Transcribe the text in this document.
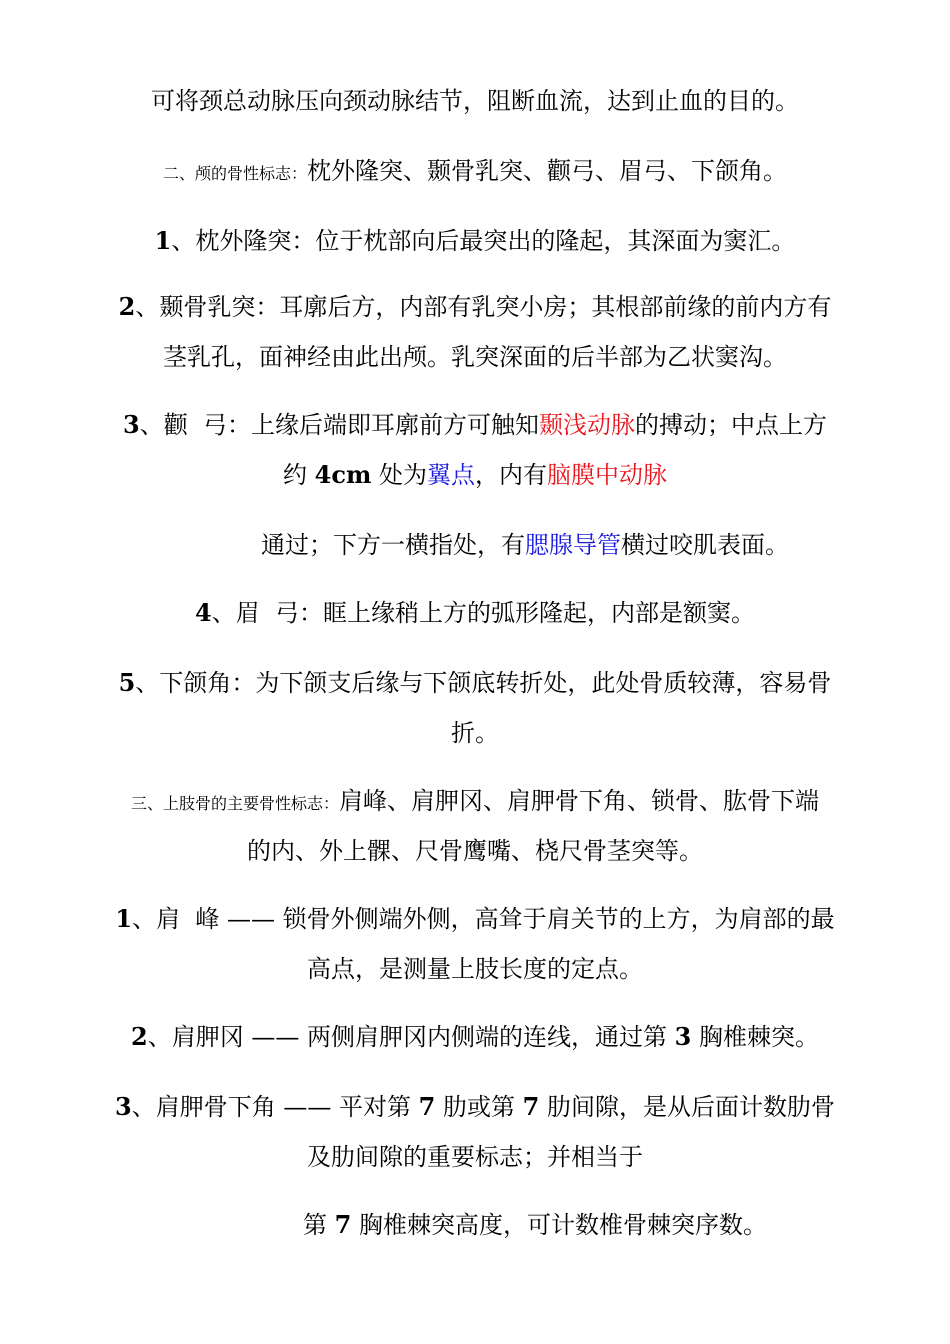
可将颈总动脉压向颈动脉结节，阻断血流，达到止血的目的。
二、颅的骨性标志：枕外隆突、颞骨乳突、颧弓、眉弓、下颌角。
1、枕外隆突：位于枕部向后最突出的隆起，其深面为窦汇。
2、颞骨乳突：耳廓后方，内部有乳突小房；其根部前缘的前内方有
茎乳孔，面神经由此出颅。乳突深面的后半部为乙状窦沟。
3、颧  弓：上缘后端即耳廓前方可触知颞浅动脉的搏动；中点上方
约 4cm 处为翼点，内有脑膜中动脉
通过；下方一横指处，有腮腺导管横过咬肌表面。
4、眉  弓：眶上缘稍上方的弧形隆起，内部是额窦。
5、下颌角：为下颌支后缘与下颌底转折处，此处骨质较薄，容易骨
折。
三、上肢骨的主要骨性标志：肩峰、肩胛冈、肩胛骨下角、锁骨、肱骨下端
的内、外上髁、尺骨鹰嘴、桡尺骨茎突等。
1、肩  峰 —— 锁骨外侧端外侧，高耸于肩关节的上方，为肩部的最
高点，是测量上肢长度的定点。
2、肩胛冈 —— 两侧肩胛冈内侧端的连线，通过第 3 胸椎棘突。
3、肩胛骨下角 —— 平对第 7 肋或第 7 肋间隙，是从后面计数肋骨
及肋间隙的重要标志；并相当于
第 7 胸椎棘突高度，可计数椎骨棘突序数。
